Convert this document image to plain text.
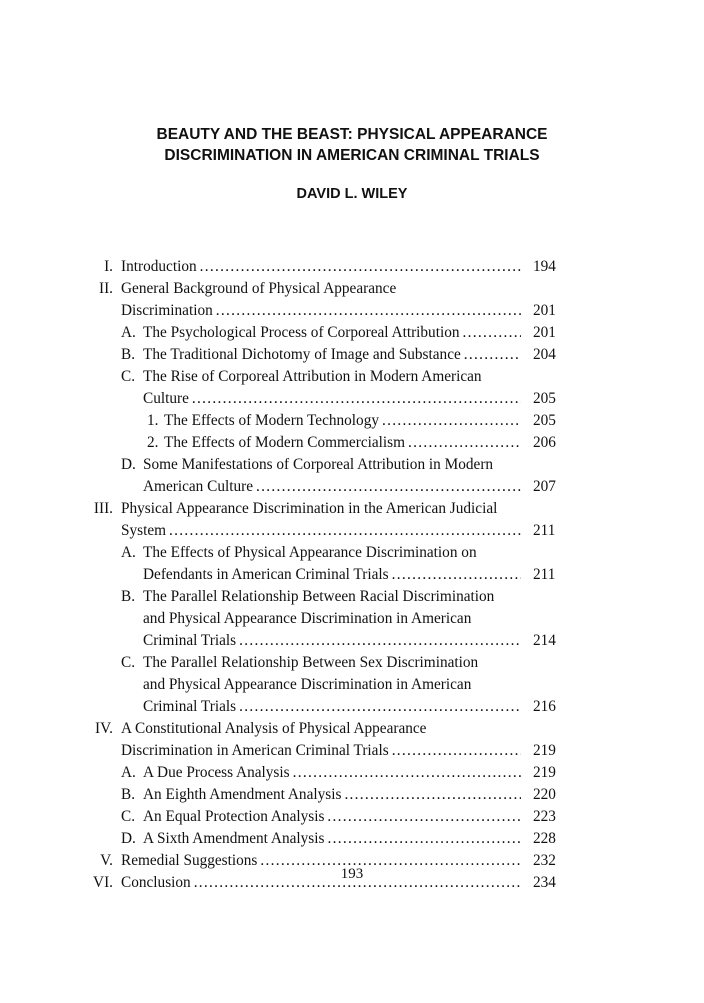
BEAUTY AND THE BEAST: PHYSICAL APPEARANCE
DISCRIMINATION IN AMERICAN CRIMINAL TRIALS
DAVID L. WILEY
I. Introduction .....	194
II. General Background of Physical Appearance
Discrimination .....	201
A. The Psychological Process of Corporeal Attribution .....	201
B. The Traditional Dichotomy of Image and Substance .....	204
C. The Rise of Corporeal Attribution in Modern American
Culture .....	205
1. The Effects of Modern Technology .....	205
2. The Effects of Modern Commercialism .....	206
D. Some Manifestations of Corporeal Attribution in Modern
American Culture .....	207
III. Physical Appearance Discrimination in the American Judicial
System .....	211
A. The Effects of Physical Appearance Discrimination on
Defendants in American Criminal Trials .....	211
B. The Parallel Relationship Between Racial Discrimination
and Physical Appearance Discrimination in American
Criminal Trials .....	214
C. The Parallel Relationship Between Sex Discrimination
and Physical Appearance Discrimination in American
Criminal Trials .....	216
IV. A Constitutional Analysis of Physical Appearance
Discrimination in American Criminal Trials .....	219
A. A Due Process Analysis .....	219
B. An Eighth Amendment Analysis .....	220
C. An Equal Protection Analysis .....	223
D. A Sixth Amendment Analysis .....	228
V. Remedial Suggestions .....	232
VI. Conclusion .....	234
193
